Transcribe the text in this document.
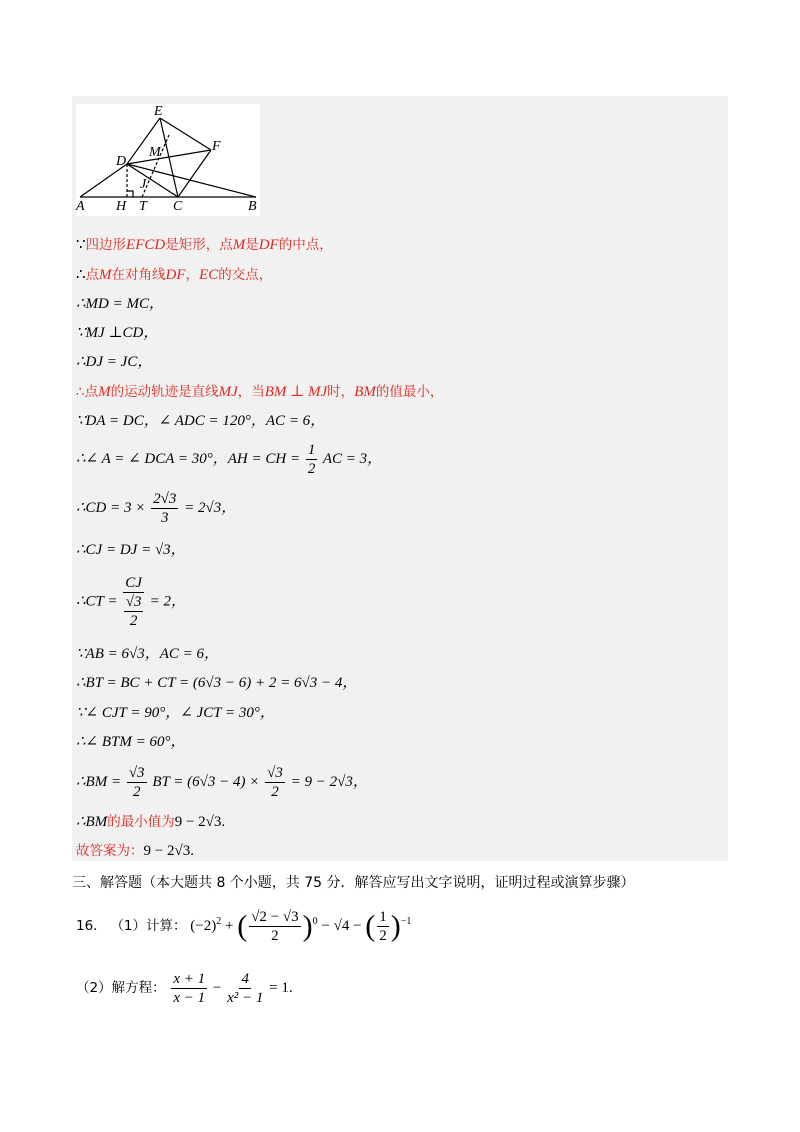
E
F
D
M
J
A H T C	B
∵四边形EFCD是矩形，点M是DF的中点，
∴点M在对角线DF，EC的交点，
∴MD = MC，
∵MJ ⊥CD，
∴DJ = JC，
∴点M的运动轨迹是直线MJ，当BM ⊥ MJ时，BM的值最小，
∵DA = DC，∠ ADC = 120°，AC = 6，
∴∠ A = ∠ DCA = 30°，AH = CH = $\frac{1}{2}$ AC = 3，
∴CD = $3 \times \frac{2√3}{3} = 2√3$，
∴CJ = DJ = √3，
∴CT = $\frac{CJ}{\frac{√3}{2}} = 2$，
∵AB = 6√3，AC = 6，
∴BT = BC + CT = (6√3 − 6) + 2 = 6√3 − 4，
∵∠ CJT = 90°，∠ JCT = 30°，
∴∠ BTM = 60°，
∴BM = $\frac{√3}{2}$ BT = $(6√3 - 4) \times \frac{√3}{2} = 9 - 2√3$，
∴BM的最小值为9 − 2√3.
故答案为：9 − 2√3.
三、解答题（本大题共 8 个小题，共 75 分．解答应写出文字说明，证明过程或演算步骤）
16． （1）计算： $(-2)^2$ + ( $\frac{√2 - √3}{2} )^0 - √4$ − ( $\frac{1}{2} )^{-1}$
（2）解方程： $\frac{x + 1}{x - 1} - \frac{4}{\text{x² − 1}} = 1$.
